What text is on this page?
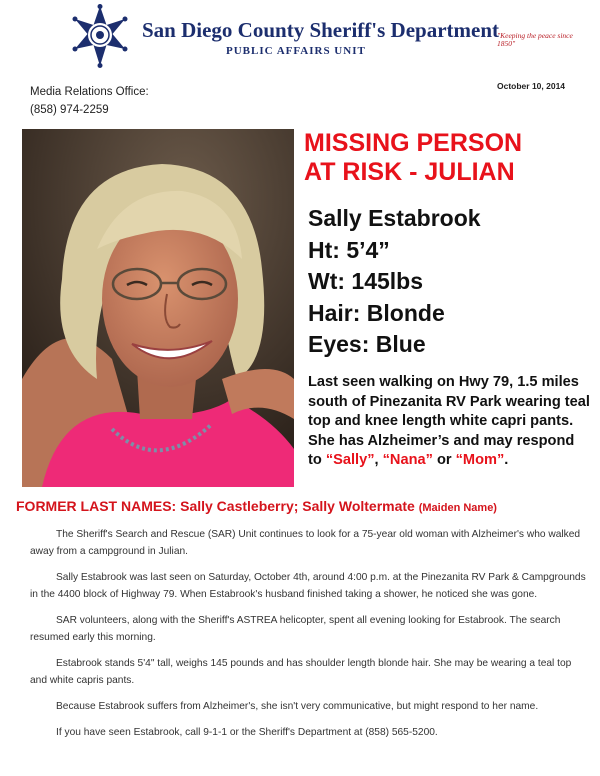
San Diego County Sheriff's Department
PUBLIC AFFAIRS UNIT
"Keeping the peace since 1850"
Media Relations Office:
(858) 974-2259
October 10, 2014
MISSING PERSON
AT RISK - JULIAN
Sally Estabrook
Ht: 5’4”
Wt: 145lbs
Hair: Blonde
Eyes: Blue
Last seen walking on Hwy 79, 1.5 miles south of Pinezanita RV Park wearing teal top and knee length white capri pants. She has Alzheimer’s and may respond to “Sally”, “Nana” or “Mom”.
FORMER LAST NAMES: Sally Castleberry; Sally Woltermate (Maiden Name)

The Sheriff's Search and Rescue (SAR) Unit continues to look for a 75-year old woman with Alzheimer's who walked away from a campground in Julian.

Sally Estabrook was last seen on Saturday, October 4th, around 4:00 p.m. at the Pinezanita RV Park & Campgrounds in the 4400 block of Highway 79. When Estabrook's husband finished taking a shower, he noticed she was gone.

SAR volunteers, along with the Sheriff's ASTREA helicopter, spent all evening looking for Estabrook. The search resumed early this morning.

Estabrook stands 5'4" tall, weighs 145 pounds and has shoulder length blonde hair. She may be wearing a teal top and white capris pants.

Because Estabrook suffers from Alzheimer's, she isn't very communicative, but might respond to her name.

If you have seen Estabrook, call 9-1-1 or the Sheriff's Department at (858) 565-5200.
